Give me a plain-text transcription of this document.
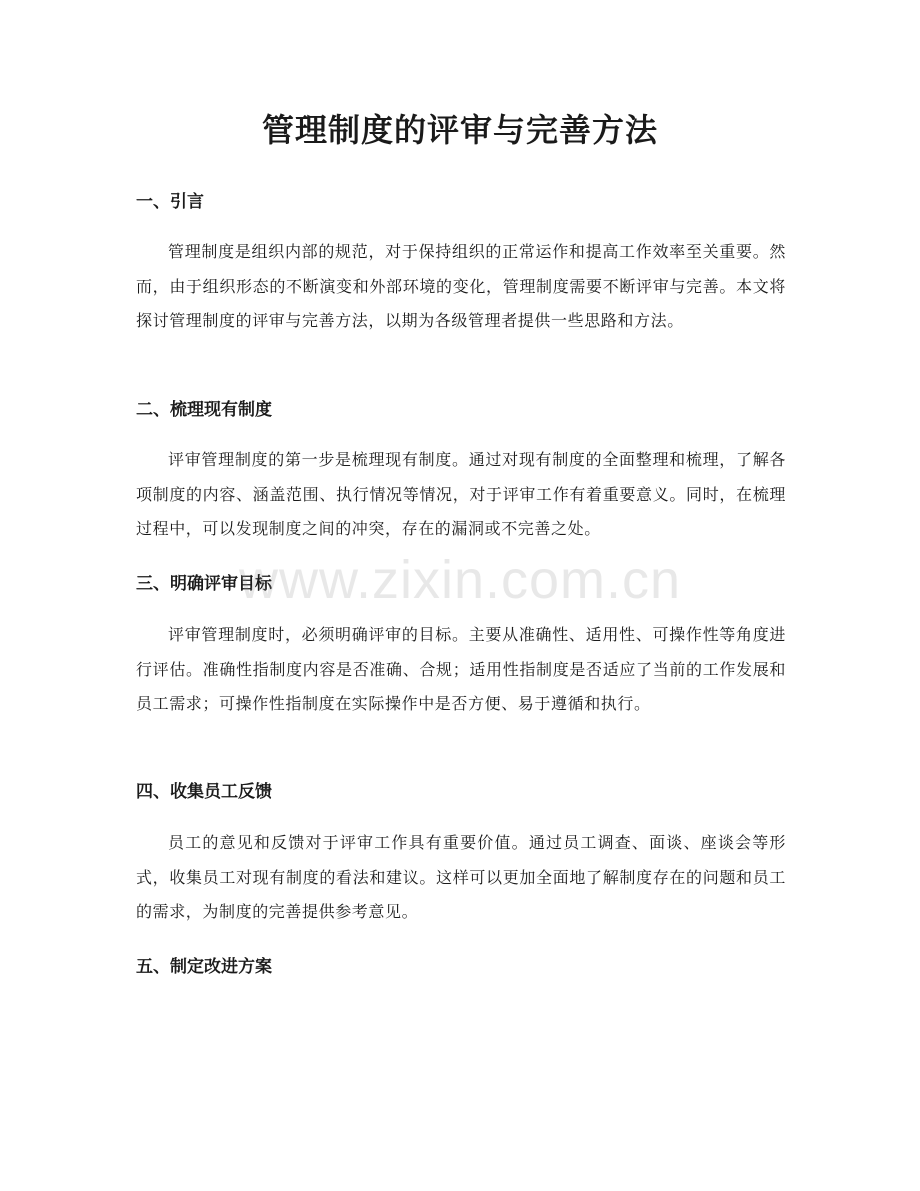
管理制度的评审与完善方法
一、引言

管理制度是组织内部的规范，对于保持组织的正常运作和提高工作效率至关重要。然而，由于组织形态的不断演变和外部环境的变化，管理制度需要不断评审与完善。本文将探讨管理制度的评审与完善方法，以期为各级管理者提供一些思路和方法。

二、梳理现有制度

评审管理制度的第一步是梳理现有制度。通过对现有制度的全面整理和梳理，了解各项制度的内容、涵盖范围、执行情况等情况，对于评审工作有着重要意义。同时，在梳理过程中，可以发现制度之间的冲突，存在的漏洞或不完善之处。

三、明确评审目标

评审管理制度时，必须明确评审的目标。主要从准确性、适用性、可操作性等角度进行评估。准确性指制度内容是否准确、合规；适用性指制度是否适应了当前的工作发展和员工需求；可操作性指制度在实际操作中是否方便、易于遵循和执行。

四、收集员工反馈

员工的意见和反馈对于评审工作具有重要价值。通过员工调查、面谈、座谈会等形式，收集员工对现有制度的看法和建议。这样可以更加全面地了解制度存在的问题和员工的需求，为制度的完善提供参考意见。

五、制定改进方案
www.zixin.com.cn
